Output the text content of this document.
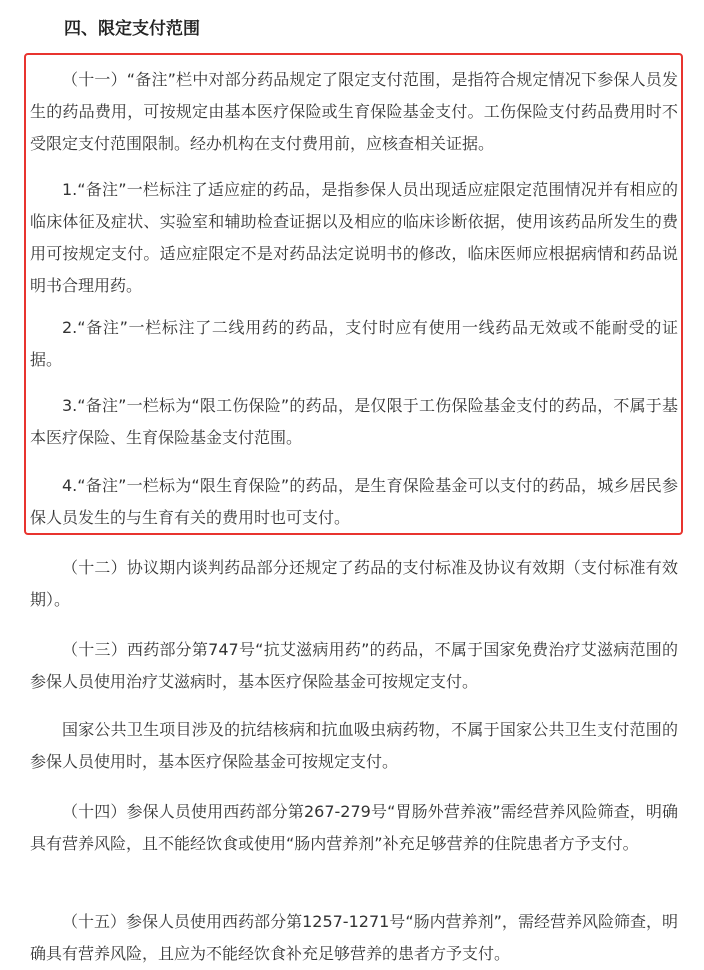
四、限定支付范围

（十一）“备注”栏中对部分药品规定了限定支付范围，是指符合规定情况下参保人员发生的药品费用，可按规定由基本医疗保险或生育保险基金支付。工伤保险支付药品费用时不受限定支付范围限制。经办机构在支付费用前，应核查相关证据。

1.“备注”一栏标注了适应症的药品，是指参保人员出现适应症限定范围情况并有相应的临床体征及症状、实验室和辅助检查证据以及相应的临床诊断依据，使用该药品所发生的费用可按规定支付。适应症限定不是对药品法定说明书的修改，临床医师应根据病情和药品说明书合理用药。

2.“备注”一栏标注了二线用药的药品，支付时应有使用一线药品无效或不能耐受的证据。

3.“备注”一栏标为“限工伤保险”的药品，是仅限于工伤保险基金支付的药品，不属于基本医疗保险、生育保险基金支付范围。

4.“备注”一栏标为“限生育保险”的药品，是生育保险基金可以支付的药品，城乡居民参保人员发生的与生育有关的费用时也可支付。

（十二）协议期内谈判药品部分还规定了药品的支付标准及协议有效期（支付标准有效期）。

（十三）西药部分第747号“抗艾滋病用药”的药品，不属于国家免费治疗艾滋病范围的参保人员使用治疗艾滋病时，基本医疗保险基金可按规定支付。

国家公共卫生项目涉及的抗结核病和抗血吸虫病药物，不属于国家公共卫生支付范围的参保人员使用时，基本医疗保险基金可按规定支付。

（十四）参保人员使用西药部分第267-279号“胃肠外营养液”需经营养风险筛查，明确具有营养风险，且不能经饮食或使用“肠内营养剂”补充足够营养的住院患者方予支付。

（十五）参保人员使用西药部分第1257-1271号“肠内营养剂”，需经营养风险筛查，明确具有营养风险，且应为不能经饮食补充足够营养的患者方予支付。
